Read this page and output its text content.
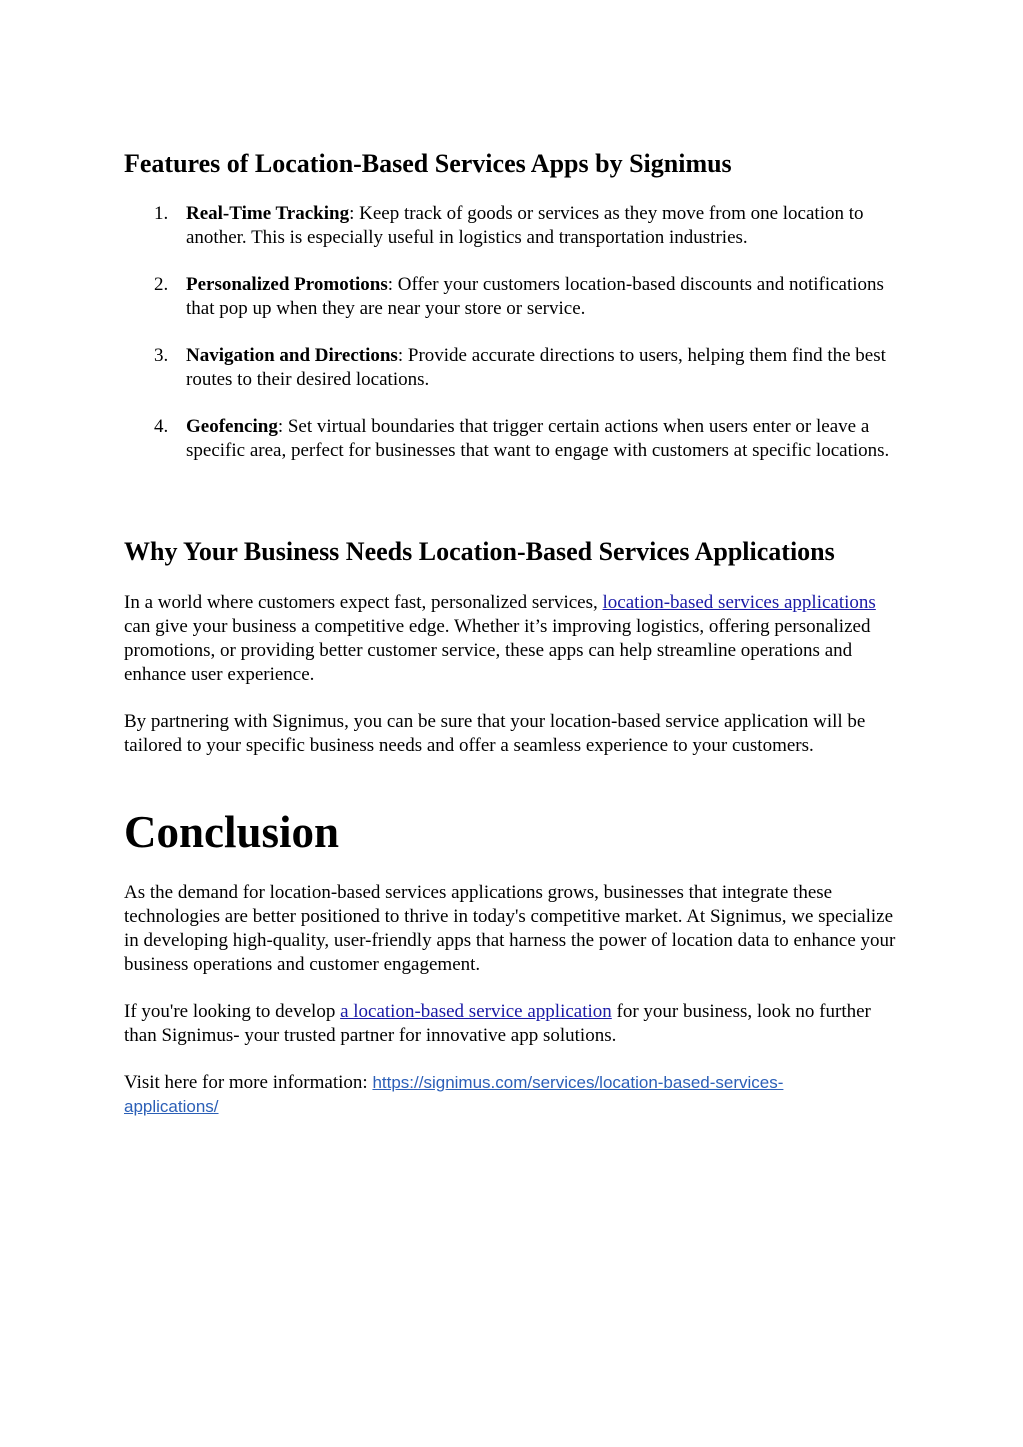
Features of Location-Based Services Apps by Signimus
1. Real-Time Tracking: Keep track of goods or services as they move from one location to another. This is especially useful in logistics and transportation industries.
2. Personalized Promotions: Offer your customers location-based discounts and notifications that pop up when they are near your store or service.
3. Navigation and Directions: Provide accurate directions to users, helping them find the best routes to their desired locations.
4. Geofencing: Set virtual boundaries that trigger certain actions when users enter or leave a specific area, perfect for businesses that want to engage with customers at specific locations.
Why Your Business Needs Location-Based Services Applications

In a world where customers expect fast, personalized services, location-based services applications can give your business a competitive edge. Whether it’s improving logistics, offering personalized promotions, or providing better customer service, these apps can help streamline operations and enhance user experience.

By partnering with Signimus, you can be sure that your location-based service application will be tailored to your specific business needs and offer a seamless experience to your customers.

Conclusion

As the demand for location-based services applications grows, businesses that integrate these technologies are better positioned to thrive in today's competitive market. At Signimus, we specialize in developing high-quality, user-friendly apps that harness the power of location data to enhance your business operations and customer engagement.

If you're looking to develop a location-based service application for your business, look no further than Signimus- your trusted partner for innovative app solutions.

Visit here for more information: https://signimus.com/services/location-based-services-applications/
